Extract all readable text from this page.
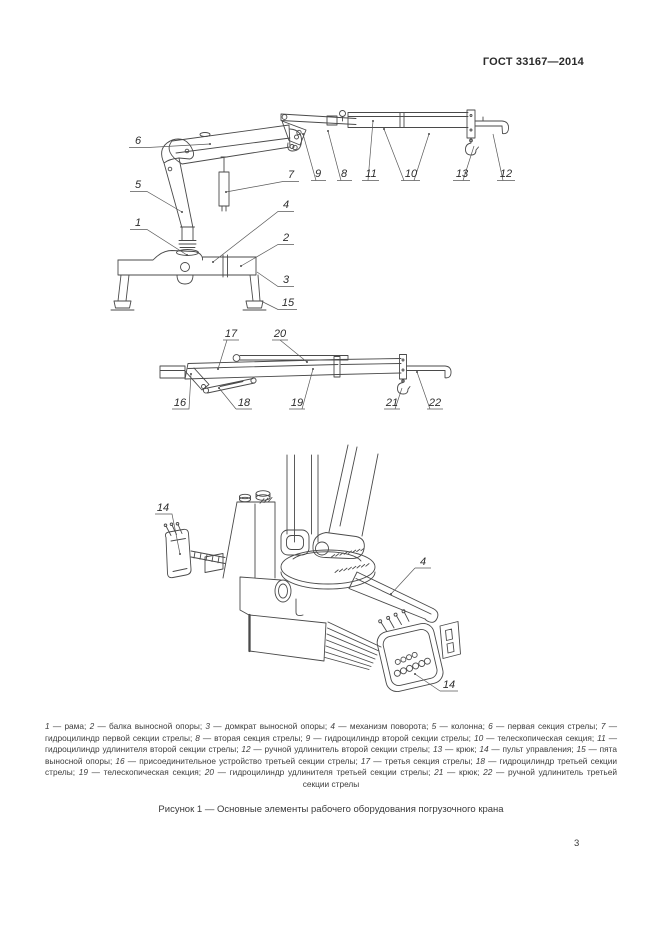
ГОСТ 33167—2014
6
5
1
7 9 8 11	10	13	12
4
2
3
15
17	20
16	18	19	21	22
14
4
14
1 — рама; 2 — балка выносной опоры; 3 — домкрат выносной опоры; 4 — механизм поворота; 5 — колонна; 6 — первая секция стрелы; 7 — гидроцилиндр первой секции стрелы; 8 — вторая секция стрелы; 9 — гидроцилиндр второй секции стрелы; 10 — телескопическая секция; 11 — гидроцилиндр удлинителя второй секции стрелы; 12 — ручной удлинитель второй секции стрелы; 13 — крюк; 14 — пульт управления; 15 — пята выносной опоры; 16 — присоединительное устройство третьей секции стрелы; 17 — третья секция стрелы; 18 — гидроцилиндр третьей секции стрелы; 19 — телескопическая секция; 20 — гидроцилиндр удлинителя третьей секции стрелы; 21 — крюк; 22 — ручной удлинитель третьей секции стрелы
Рисунок 1 — Основные элементы рабочего оборудования погрузочного крана
3
